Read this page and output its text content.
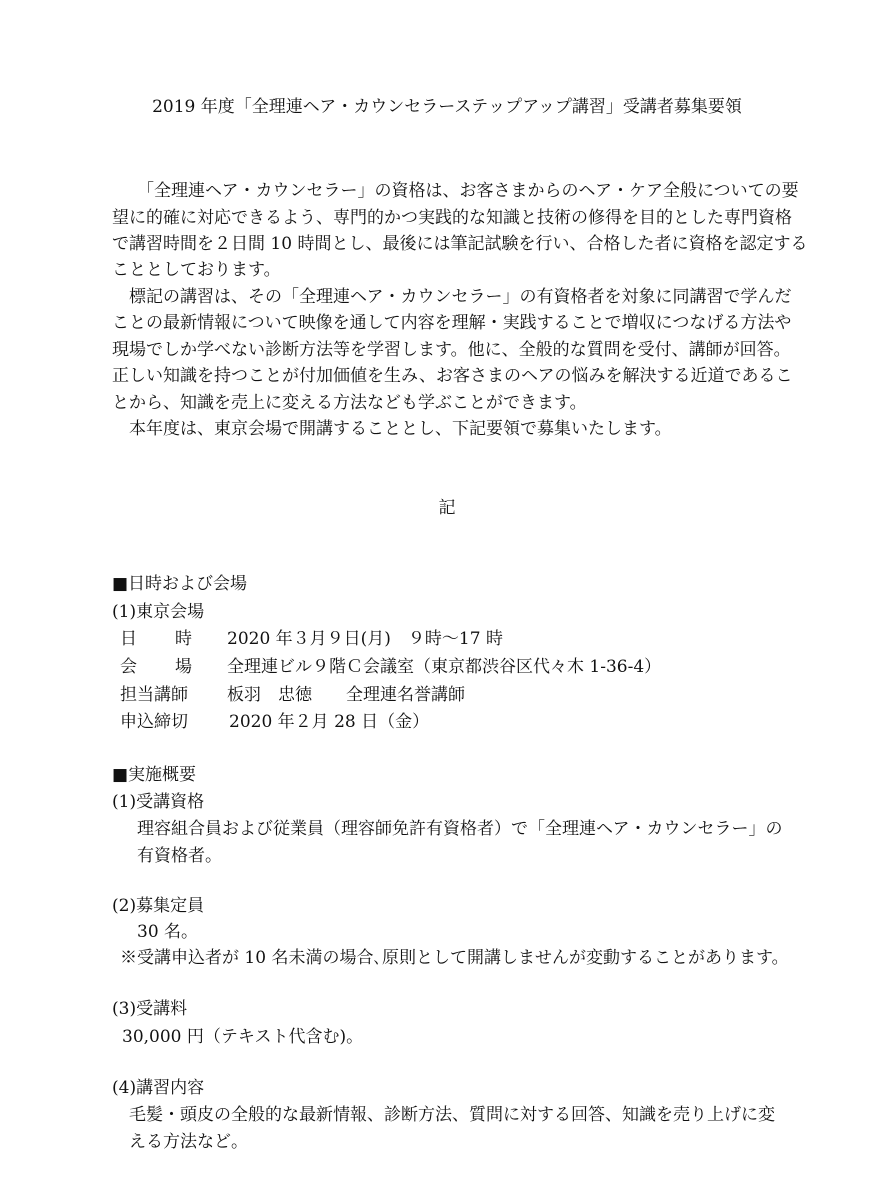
2019 年度「全理連ヘア・カウンセラーステップアップ講習」受講者募集要領
「全理連ヘア・カウンセラー」の資格は、お客さまからのヘア・ケア全般についての要
望に的確に対応できるよう、専門的かつ実践的な知識と技術の修得を目的とした専門資格
で講習時間を２日間 10 時間とし、最後には筆記試験を行い、合格した者に資格を認定する
こととしております。
標記の講習は、その「全理連ヘア・カウンセラー」の有資格者を対象に同講習で学んだ
ことの最新情報について映像を通して内容を理解・実践することで増収につなげる方法や
現場でしか学べない診断方法等を学習します。他に、全般的な質問を受付、講師が回答。
正しい知識を持つことが付加価値を生み、お客さまのヘアの悩みを解決する近道であるこ
とから、知識を売上に変える方法なども学ぶことができます。
本年度は、東京会場で開講することとし、下記要領で募集いたします。
記
■日時および会場
(1)東京会場
日 時 2020 年３月９日(月)　９時～17 時
会 場 全理連ビル９階Ｃ会議室（東京都渋谷区代々木 1-36-4）
担当講師 板羽　忠徳　　全理連名誉講師
申込締切 2020 年２月 28 日（金）
■実施概要
(1)受講資格
理容組合員および従業員（理容師免許有資格者）で「全理連ヘア・カウンセラー」の
有資格者。
(2)募集定員
30 名。
※受講申込者が 10 名未満の場合､原則として開講しませんが変動することがあります。
(3)受講料
30,000 円（テキスト代含む)。
(4)講習内容
毛髪・頭皮の全般的な最新情報、診断方法、質問に対する回答、知識を売り上げに変
える方法など。
